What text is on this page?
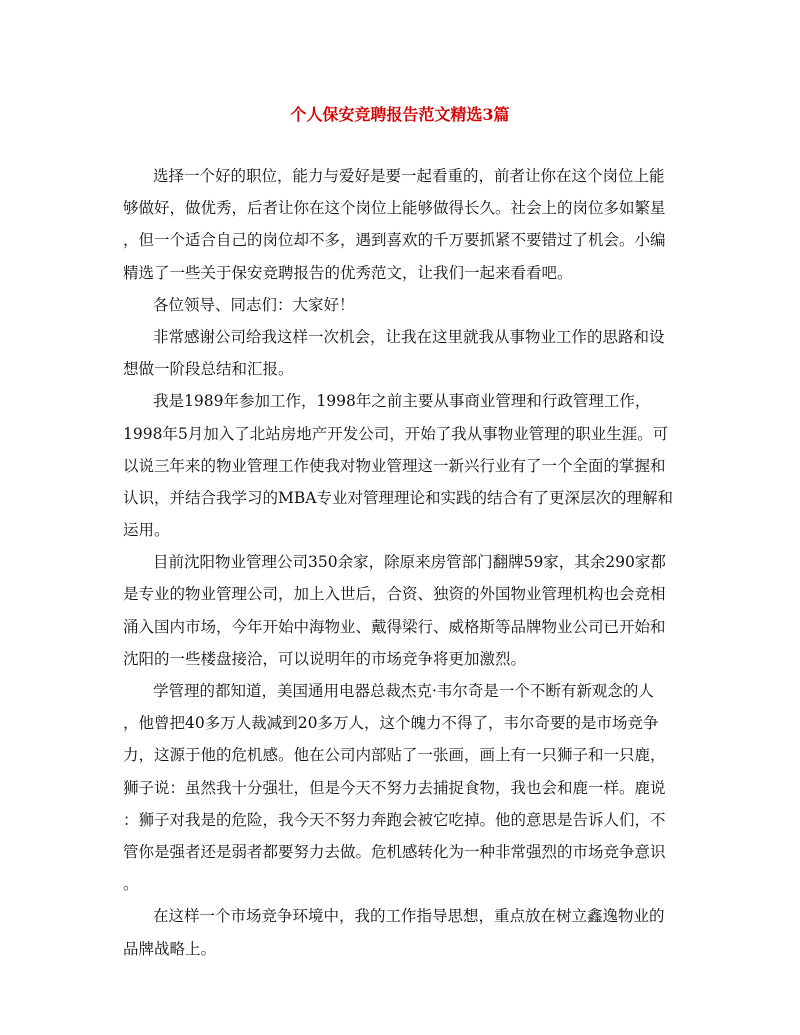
个人保安竞聘报告范文精选3篇

选择一个好的职位，能力与爱好是要一起看重的，前者让你在这个岗位上能

够做好，做优秀，后者让你在这个岗位上能够做得长久。社会上的岗位多如繁星

，但一个适合自己的岗位却不多，遇到喜欢的千万要抓紧不要错过了机会。小编

精选了一些关于保安竞聘报告的优秀范文，让我们一起来看看吧。

各位领导、同志们：大家好！

非常感谢公司给我这样一次机会，让我在这里就我从事物业工作的思路和设

想做一阶段总结和汇报。

我是1989年参加工作，1998年之前主要从事商业管理和行政管理工作，

1998年5月加入了北站房地产开发公司，开始了我从事物业管理的职业生涯。可

以说三年来的物业管理工作使我对物业管理这一新兴行业有了一个全面的掌握和

认识，并结合我学习的MBA专业对管理理论和实践的结合有了更深层次的理解和

运用。

目前沈阳物业管理公司350余家，除原来房管部门翻牌59家，其余290家都

是专业的物业管理公司，加上入世后，合资、独资的外国物业管理机构也会竞相

涌入国内市场，今年开始中海物业、戴得梁行、威格斯等品牌物业公司已开始和

沈阳的一些楼盘接洽，可以说明年的市场竞争将更加激烈。

学管理的都知道，美国通用电器总裁杰克·韦尔奇是一个不断有新观念的人

，他曾把40多万人裁减到20多万人，这个魄力不得了，韦尔奇要的是市场竞争

力，这源于他的危机感。他在公司内部贴了一张画，画上有一只狮子和一只鹿，

狮子说：虽然我十分强壮，但是今天不努力去捕捉食物，我也会和鹿一样。鹿说

：狮子对我是的危险，我今天不努力奔跑会被它吃掉。他的意思是告诉人们，不

管你是强者还是弱者都要努力去做。危机感转化为一种非常强烈的市场竞争意识

。

在这样一个市场竞争环境中，我的工作指导思想，重点放在树立鑫逸物业的

品牌战略上。
